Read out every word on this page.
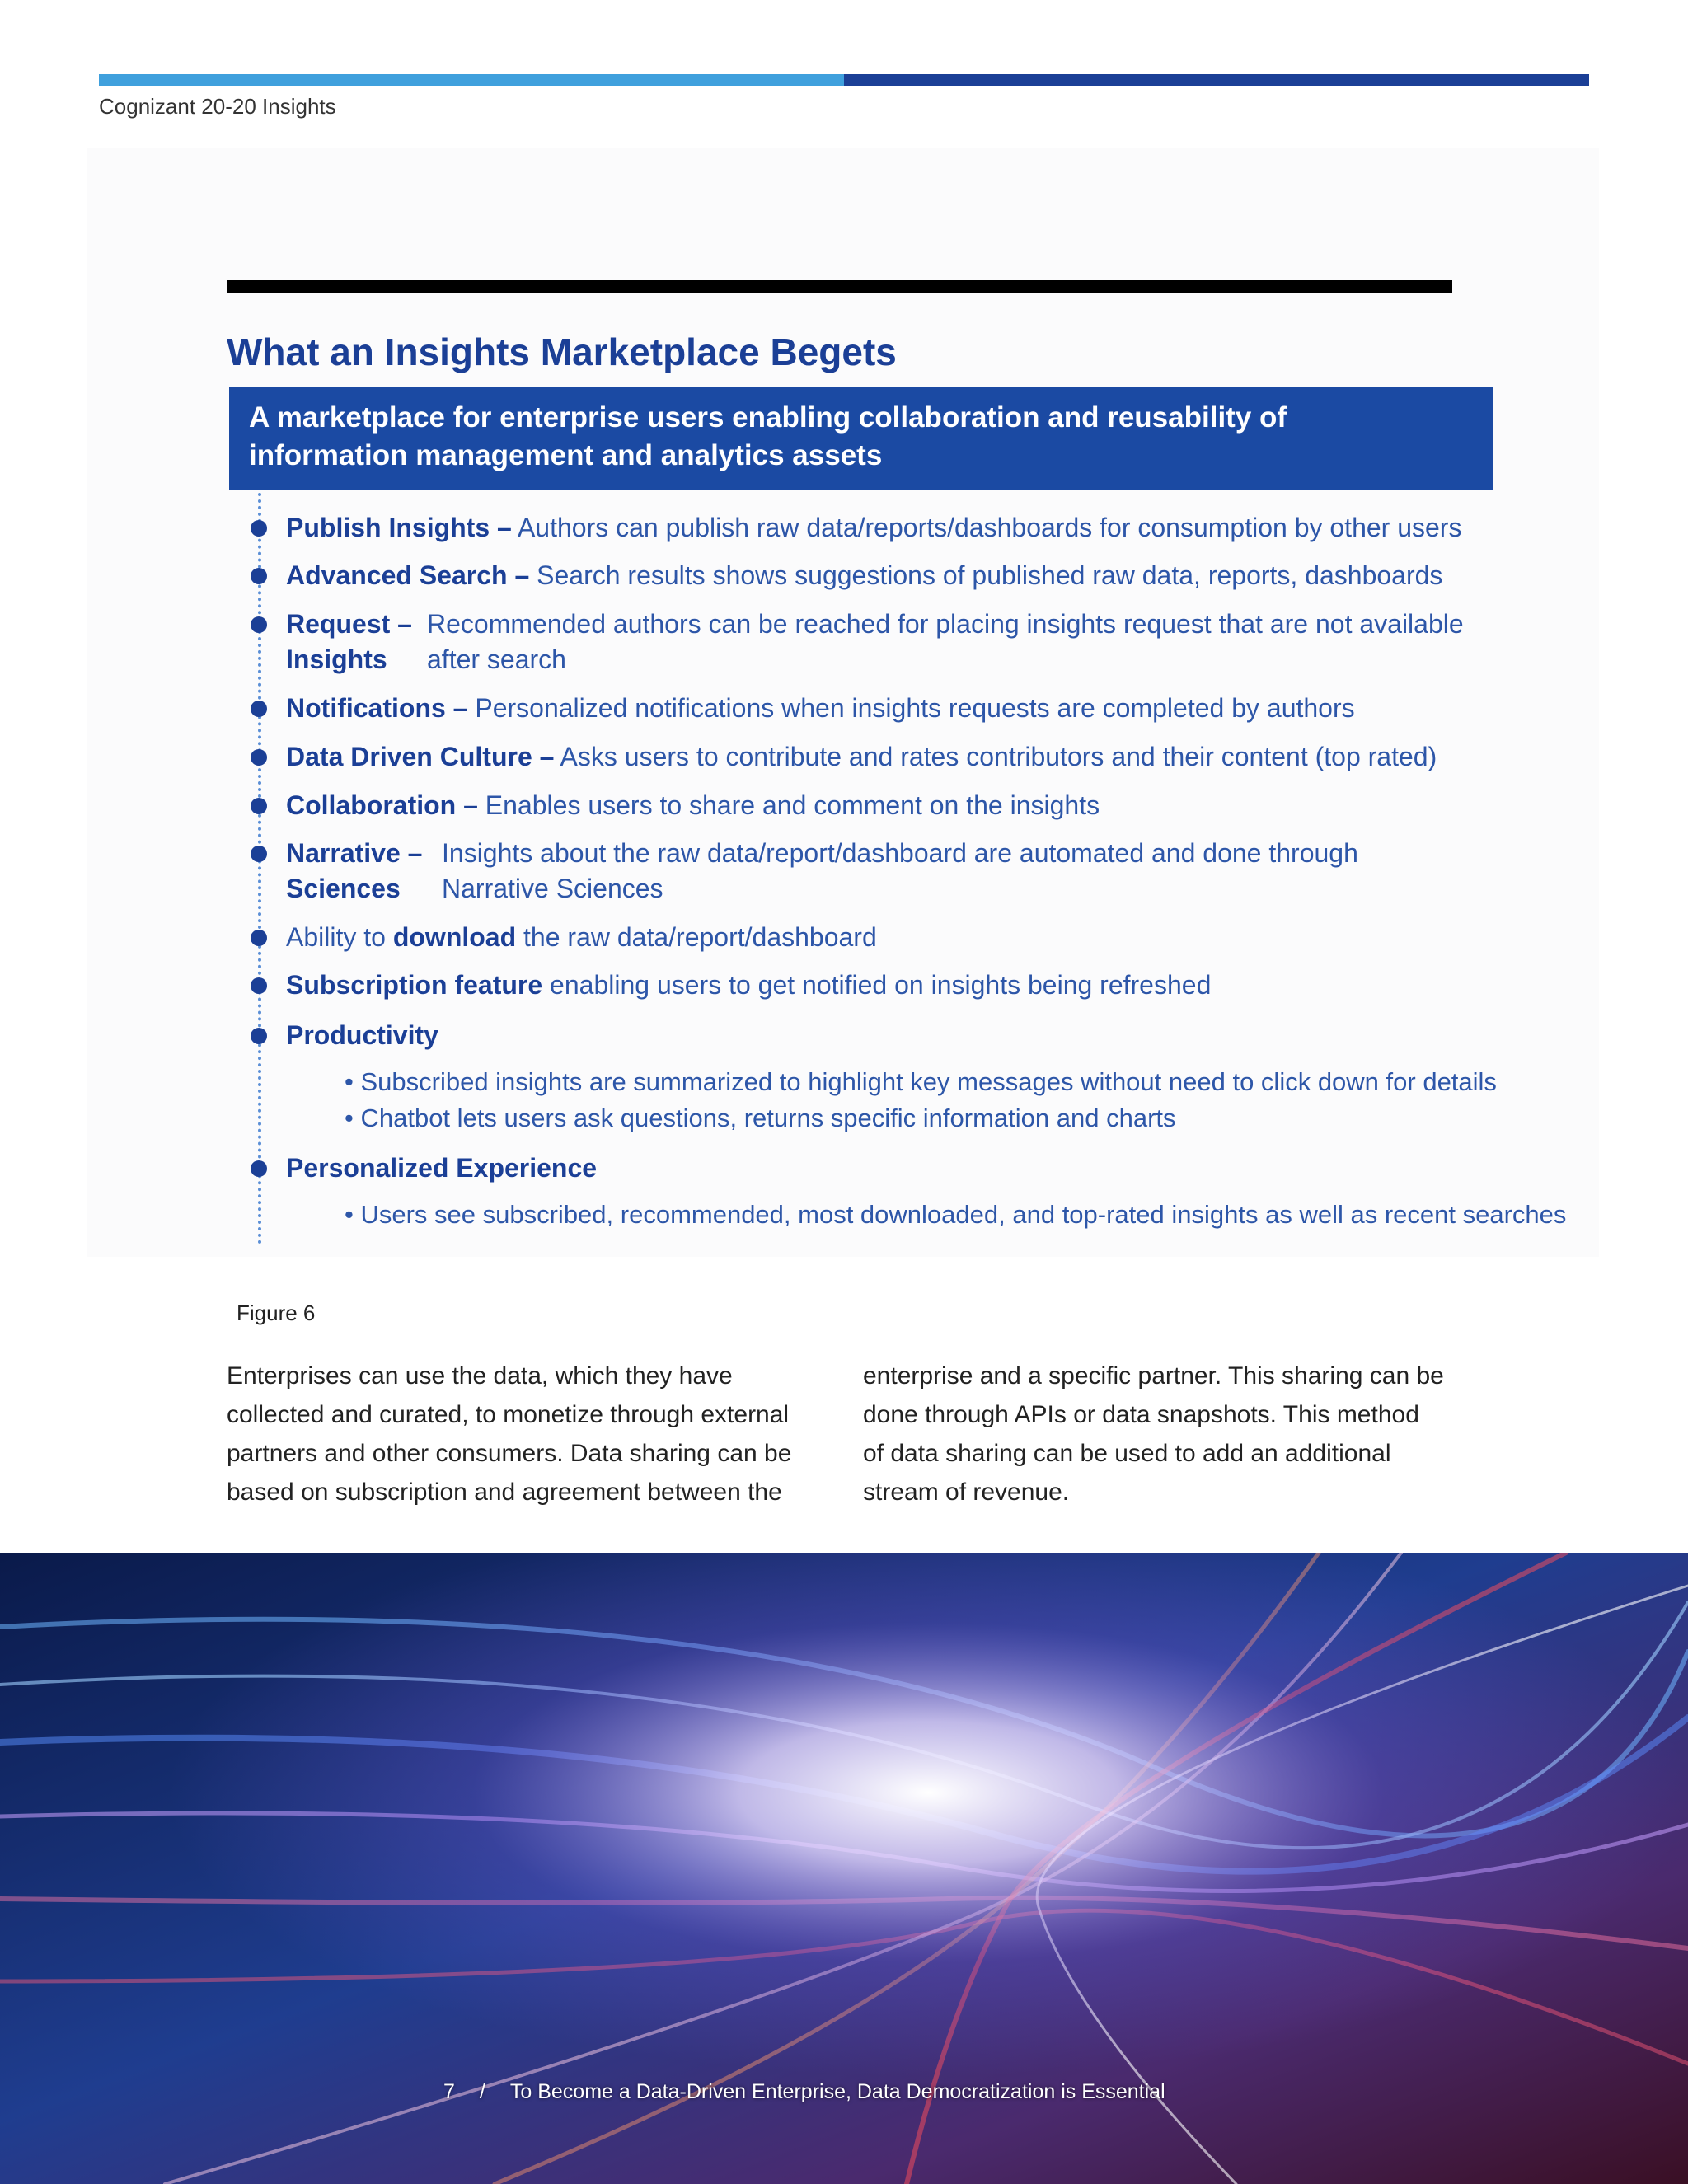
Cognizant 20-20 Insights
What an Insights Marketplace Begets
A marketplace for enterprise users enabling collaboration and reusability of
information management and analytics assets
Publish Insights – Authors can publish raw data/reports/dashboards for consumption by other users
Advanced Search – Search results shows suggestions of published raw data, reports, dashboards
Request –
Insights
Recommended authors can be reached for placing insights request that are not available
after search
Notifications – Personalized notifications when insights requests are completed by authors
Data Driven Culture – Asks users to contribute and rates contributors and their content (top rated)
Collaboration – Enables users to share and comment on the insights
Narrative –
Sciences
Insights about the raw data/report/dashboard are automated and done through
Narrative Sciences
Ability to download the raw data/report/dashboard
Subscription feature enabling users to get notified on insights being refreshed
Productivity
• Subscribed insights are summarized to highlight key messages without need to click down for details
• Chatbot lets users ask questions, returns specific information and charts
Personalized Experience
• Users see subscribed, recommended, most downloaded, and top-rated insights as well as recent searches
Figure 6
Enterprises can use the data, which they have
collected and curated, to monetize through external
partners and other consumers. Data sharing can be
based on subscription and agreement between the
enterprise and a specific partner. This sharing can be
done through APIs or data snapshots. This method
of data sharing can be used to add an additional
stream of revenue.
7 / To Become a Data-Driven Enterprise, Data Democratization is Essential
